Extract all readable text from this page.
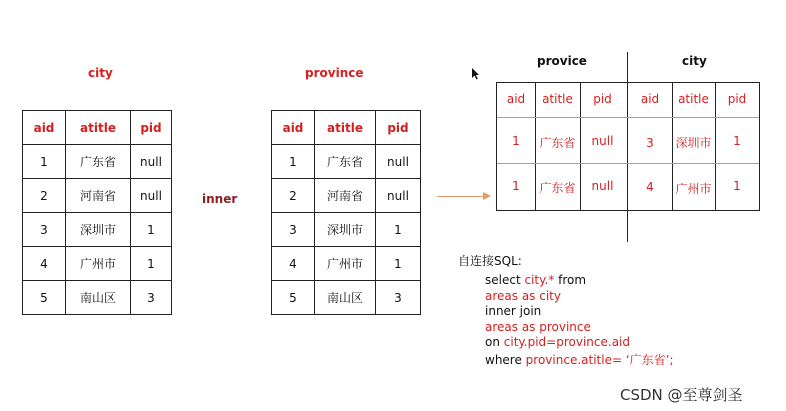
city
aid	atitle	pid
1	广东省	null
2	河南省	null
3	深圳市	1
4	广州市	1
5	南山区	3
inner
province
aid	atitle	pid
1	广东省	null
2	河南省	null
3	深圳市	1
4	广州市	1
5	南山区	3
provice	city
aid	atitle	pid	aid	atitle	pid
1	广东省	null	3	深圳市	1
1	广东省	null	4	广州市	1
自连接SQL:
select city.* from
areas as city
inner join
areas as province
on city.pid=province.aid
where province.atitle= ‘广东省’;
CSDN @至尊剑圣
